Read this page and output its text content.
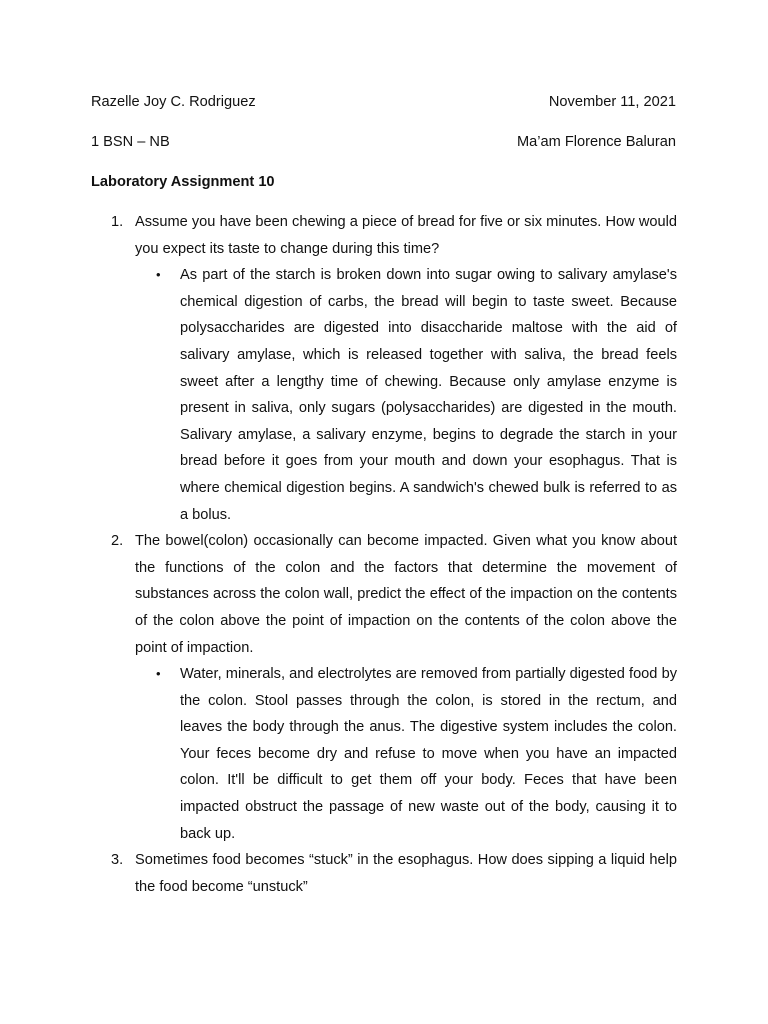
Razelle Joy C. Rodriguez	November 11, 2021
1 BSN – NB	Ma’am Florence Baluran
Laboratory Assignment 10
1. Assume you have been chewing a piece of bread for five or six minutes. How would you expect its taste to change during this time?
• As part of the starch is broken down into sugar owing to salivary amylase's chemical digestion of carbs, the bread will begin to taste sweet. Because polysaccharides are digested into disaccharide maltose with the aid of salivary amylase, which is released together with saliva, the bread feels sweet after a lengthy time of chewing. Because only amylase enzyme is present in saliva, only sugars (polysaccharides) are digested in the mouth. Salivary amylase, a salivary enzyme, begins to degrade the starch in your bread before it goes from your mouth and down your esophagus. That is where chemical digestion begins. A sandwich's chewed bulk is referred to as a bolus.
2. The bowel(colon) occasionally can become impacted. Given what you know about the functions of the colon and the factors that determine the movement of substances across the colon wall, predict the effect of the impaction on the contents of the colon above the point of impaction on the contents of the colon above the point of impaction.
• Water, minerals, and electrolytes are removed from partially digested food by the colon. Stool passes through the colon, is stored in the rectum, and leaves the body through the anus. The digestive system includes the colon. Your feces become dry and refuse to move when you have an impacted colon. It'll be difficult to get them off your body. Feces that have been impacted obstruct the passage of new waste out of the body, causing it to back up.
3. Sometimes food becomes “stuck” in the esophagus. How does sipping a liquid help the food become “unstuck”
